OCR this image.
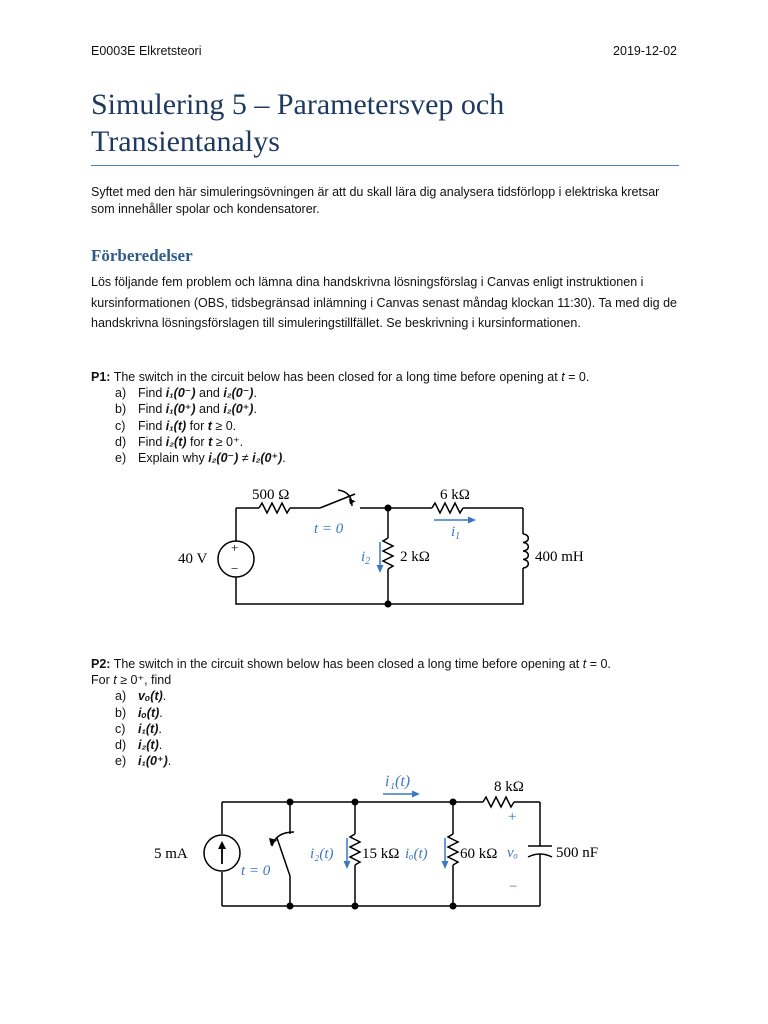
E0003E Elkretsteori	2019-12-02
Simulering 5 – Parametersvep och Transientanalys
Syftet med den här simuleringsövningen är att du skall lära dig analysera tidsförlopp i elektriska kretsar som innehåller spolar och kondensatorer.
Förberedelser
Lös följande fem problem och lämna dina handskrivna lösningsförslag i Canvas enligt instruktionen i kursinformationen (OBS, tidsbegränsad inlämning i Canvas senast måndag klockan 11:30). Ta med dig de handskrivna lösningsförslagen till simuleringstillfället. Se beskrivning i kursinformationen.
P1: The switch in the circuit below has been closed for a long time before opening at t = 0.
a) Find i₁(0⁻) and i₂(0⁻).
b) Find i₁(0⁺) and i₂(0⁺).
c) Find i₁(t) for t ≥ 0.
d) Find i₂(t) for t ≥ 0⁺.
e) Explain why i₂(0⁻) ≠ i₂(0⁺).
500 Ω	6 kΩ
2 kΩ
40 V	400 mH
t = 0	$i_1$
$i_2$
+
−
P2: The switch in the circuit shown below has been closed a long time before opening at t = 0.
For t ≥ 0⁺, find
a) vₒ(t).
b) iₒ(t).
c) i₁(t).
d) i₂(t).
e) i₁(0⁺).
5 mA
t = 0
i₂(t) 15 kΩ iₒ(t) 60 kΩ
i₁(t)	8 kΩ
vₒ	500 nF
+
−
